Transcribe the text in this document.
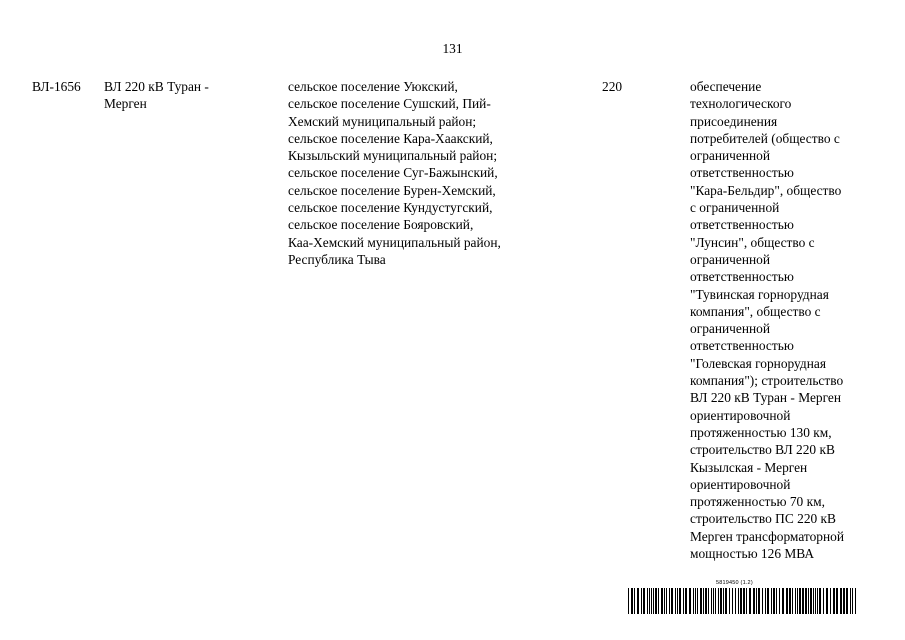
131
ВЛ-1656	ВЛ 220 кВ Туран -
Мерген
сельское поселение Уюкский,
сельское поселение Сушский, Пий-
Хемский муниципальный район;
сельское поселение Кара-Хаакский,
Кызыльский муниципальный район;
сельское поселение Суг-Бажынский,
сельское поселение Бурен-Хемский,
сельское поселение Кундустугский,
сельское поселение Бояровский,
Каа-Хемский муниципальный район,
Республика Тыва
220	обеспечение
технологического
присоединения
потребителей (общество с
ограниченной
ответственностью
"Кара-Бельдир", общество
с ограниченной
ответственностью
"Лунсин", общество с
ограниченной
ответственностью
"Тувинская горнорудная
компания", общество с
ограниченной
ответственностью
"Голевская горнорудная
компания"); строительство
ВЛ 220 кВ Туран - Мерген
ориентировочной
протяженностью 130 км,
строительство ВЛ 220 кВ
Кызылская - Мерген
ориентировочной
протяженностью 70 км,
строительство ПС 220 кВ
Мерген трансформаторной
мощностью 126 МВА
5819450 (1.2)
